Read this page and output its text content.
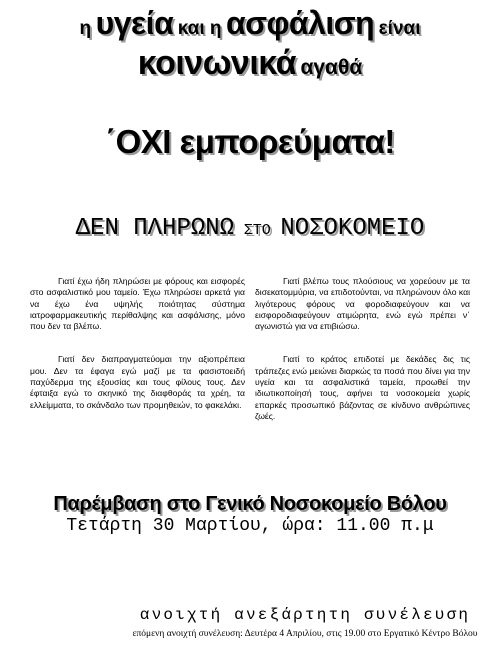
η υγεία και η ασφάλιση είναι
κοινωνικά αγαθά
΄ΟΧΙ εμπορεύματα!
ΔΕΝ ΠΛΗΡΩΝΩ ΣΤΟ ΝΟΣΟΚΟΜΕΙΟ

Γιατί έχω ήδη πληρώσει με φόρους και εισφορές στο ασφαλιστικό μου ταμείο. Έχω πληρώσει αρκετά για να έχω ένα υψηλής ποιότητας σύστημα ιατροφαρμακευτικής περίθαλψης και ασφάλισης, μόνο που δεν τα βλέπω.

Γιατί δεν διαπραγματεύομαι την αξιοπρέπεια μου. Δεν τα έφαγα εγώ μαζί με τα φασιστοειδή παχύδερμα της εξουσίας και τους φίλους τους. Δεν έφταιξα εγώ το σκηνικό της διαφθοράς τα χρέη, τα ελλείμματα, το σκάνδαλο των προμηθειών, το φακελάκι.

Γιατί βλέπω τους πλούσιους να χορεύουν με τα δισεκατομμύρια, να επιδοτούνται, να πληρώνουν όλο και λιγότερους φόρους να φοροδιαφεύγουν και να εισφοροδιαφεύγουν ατιμώρητα, ενώ εγώ πρέπει ν΄ αγωνιστώ για να επιβιώσω.

Γιατί το κράτος επιδοτεί με δεκάδες δις τις τράπεζες ενώ μειώνει διαρκώς τα ποσά που δίνει για την υγεία και τα ασφαλιστικά ταμεία, προωθεί την ιδιωτικοποίησή τους, αφήνει τα νοσοκομεία χωρίς επαρκές προσωπικό βάζοντας σε κίνδυνο ανθρώπινες ζωές.

Παρέμβαση στο Γενικό Νοσοκομείο Βόλου
Τετάρτη 30 Μαρτίου, ώρα: 11.00 π.μ
ανοιχτή ανεξάρτητη συνέλευση
επόμενη ανοιχτή συνέλευση: Δευτέρα 4 Απριλίου, στις 19.00 στο Εργατικό Κέντρο Βόλου
